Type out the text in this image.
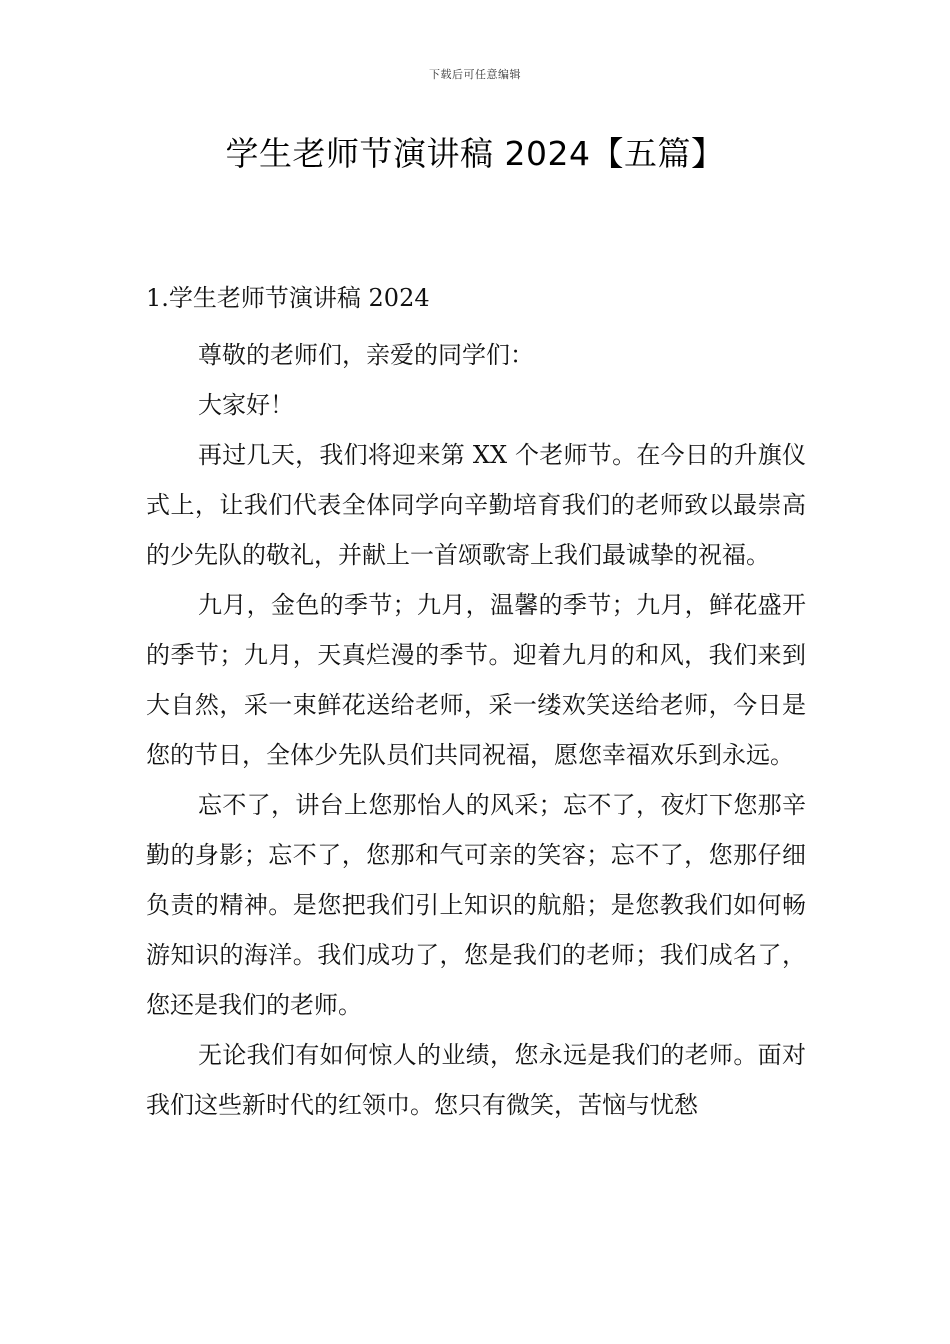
下载后可任意编辑
学生老师节演讲稿 2024【五篇】

1.学生老师节演讲稿 2024

尊敬的老师们，亲爱的同学们：

大家好！

再过几天，我们将迎来第 XX 个老师节。在今日的升旗仪式上，让我们代表全体同学向辛勤培育我们的老师致以最崇高的少先队的敬礼，并献上一首颂歌寄上我们最诚挚的祝福。

九月，金色的季节；九月，温馨的季节；九月，鲜花盛开的季节；九月，天真烂漫的季节。迎着九月的和风，我们来到大自然，采一束鲜花送给老师，采一缕欢笑送给老师，今日是您的节日，全体少先队员们共同祝福，愿您幸福欢乐到永远。

忘不了，讲台上您那怡人的风采；忘不了，夜灯下您那辛勤的身影；忘不了，您那和气可亲的笑容；忘不了，您那仔细负责的精神。是您把我们引上知识的航船；是您教我们如何畅游知识的海洋。我们成功了，您是我们的老师；我们成名了，您还是我们的老师。

无论我们有如何惊人的业绩，您永远是我们的老师。面对我们这些新时代的红领巾。您只有微笑，苦恼与忧愁
